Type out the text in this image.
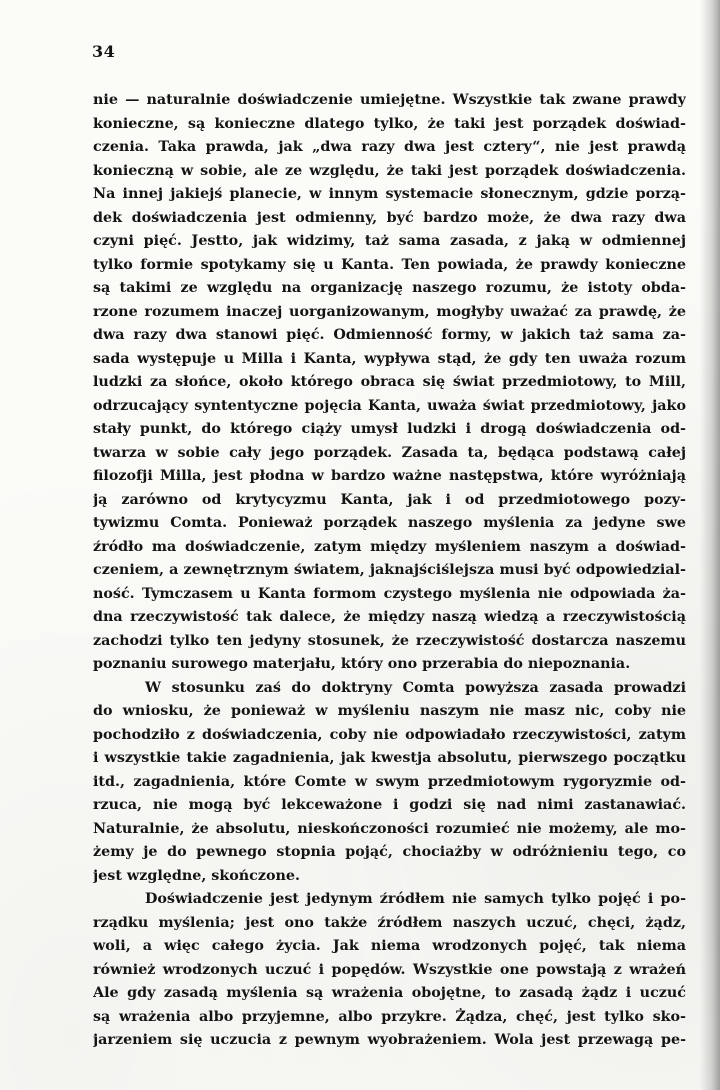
34
nie — naturalnie doświadczenie umiejętne. Wszystkie tak zwane prawdy
konieczne, są konieczne dlatego tylko, że taki jest porządek doświad-
czenia. Taka prawda, jak „dwa razy dwa jest cztery“, nie jest prawdą
konieczną w sobie, ale ze względu, że taki jest porządek doświadczenia.
Na innej jakiejś planecie, w innym systemacie słonecznym, gdzie porzą-
dek doświadczenia jest odmienny, być bardzo może, że dwa razy dwa
czyni pięć. Jestto, jak widzimy, taż sama zasada, z jaką w odmiennej
tylko formie spotykamy się u Kanta. Ten powiada, że prawdy konieczne
są takimi ze względu na organizację naszego rozumu, że istoty obda-
rzone rozumem inaczej uorganizowanym, mogłyby uważać za prawdę, że
dwa razy dwa stanowi pięć. Odmienność formy, w jakich taż sama za-
sada występuje u Milla i Kanta, wypływa stąd, że gdy ten uważa rozum
ludzki za słońce, około którego obraca się świat przedmiotowy, to Mill,
odrzucający syntentyczne pojęcia Kanta, uważa świat przedmiotowy, jako
stały punkt, do którego ciąży umysł ludzki i drogą doświadczenia od-
twarza w sobie cały jego porządek. Zasada ta, będąca podstawą całej
filozofji Milla, jest płodna w bardzo ważne następstwa, które wyróżniają
ją zarówno od krytycyzmu Kanta, jak i od przedmiotowego pozy-
tywizmu Comta. Ponieważ porządek naszego myślenia za jedyne swe
źródło ma doświadczenie, zatym między myśleniem naszym a doświad-
czeniem, a zewnętrznym światem, jaknajściślejsza musi być odpowiedzial-
ność. Tymczasem u Kanta formom czystego myślenia nie odpowiada ża-
dna rzeczywistość tak dalece, że między naszą wiedzą a rzeczywistością
zachodzi tylko ten jedyny stosunek, że rzeczywistość dostarcza naszemu
poznaniu surowego materjału, który ono przerabia do niepoznania.
W stosunku zaś do doktryny Comta powyższa zasada prowadzi
do wniosku, że ponieważ w myśleniu naszym nie masz nic, coby nie
pochodziło z doświadczenia, coby nie odpowiadało rzeczywistości, zatym
i wszystkie takie zagadnienia, jak kwestja absolutu, pierwszego początku
itd., zagadnienia, które Comte w swym przedmiotowym rygoryzmie od-
rzuca, nie mogą być lekceważone i godzi się nad nimi zastanawiać.
Naturalnie, że absolutu, nieskończoności rozumieć nie możemy, ale mo-
żemy je do pewnego stopnia pojąć, chociażby w odróżnieniu tego, co
jest względne, skończone.
Doświadczenie jest jedynym źródłem nie samych tylko pojęć i po-
rządku myślenia; jest ono także źródłem naszych uczuć, chęci, żądz,
woli, a więc całego życia. Jak niema wrodzonych pojęć, tak niema
również wrodzonych uczuć i popędów. Wszystkie one powstają z wrażeń
Ale gdy zasadą myślenia są wrażenia obojętne, to zasadą żądz i uczuć
są wrażenia albo przyjemne, albo przykre. Żądza, chęć, jest tylko sko-
jarzeniem się uczucia z pewnym wyobrażeniem. Wola jest przewagą pe-
